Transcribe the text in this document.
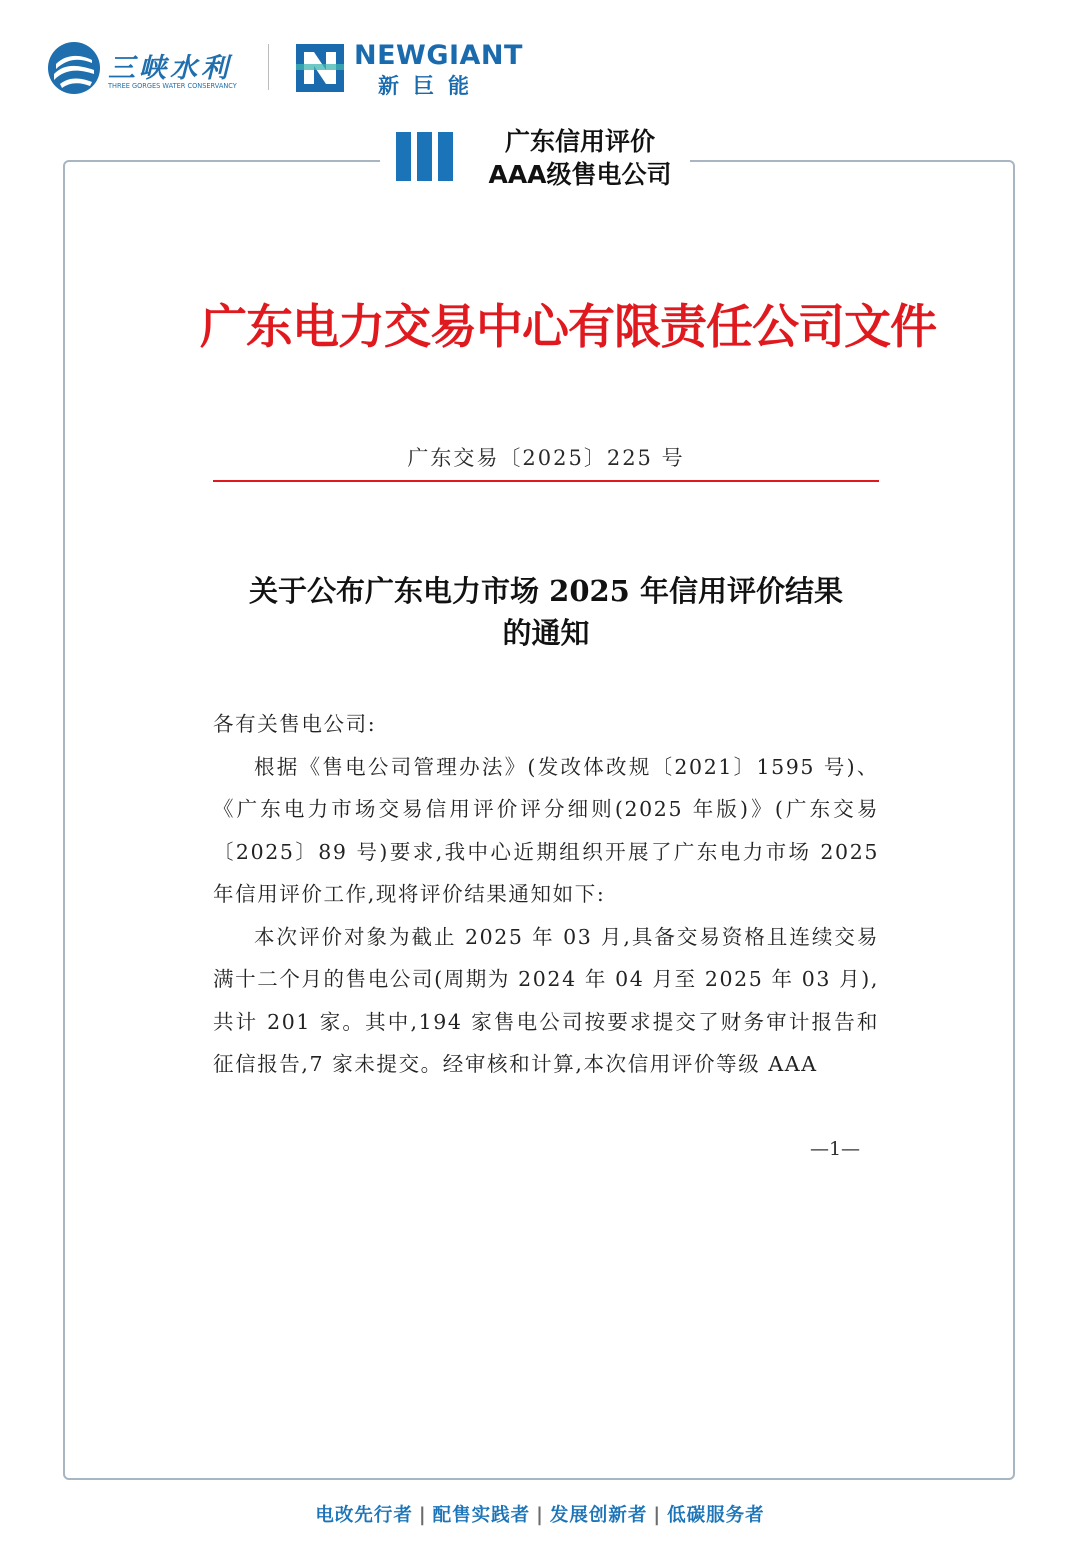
三峡水利
THREE GORGES WATER CONSERVANCY
NEWGIANT
新巨能
广东信用评价
AAA级售电公司
广东电力交易中心有限责任公司文件
广东交易〔2025〕225 号
关于公布广东电力市场 2025 年信用评价结果
的通知

各有关售电公司:

根据《售电公司管理办法》(发改体改规〔2021〕1595 号)、《广东电力市场交易信用评价评分细则(2025 年版)》(广东交易〔2025〕89 号)要求,我中心近期组织开展了广东电力市场 2025 年信用评价工作,现将评价结果通知如下:

本次评价对象为截止 2025 年 03 月,具备交易资格且连续交易满十二个月的售电公司(周期为 2024 年 04 月至 2025 年 03 月),共计 201 家。其中,194 家售电公司按要求提交了财务审计报告和征信报告,7 家未提交。经审核和计算,本次信用评价等级 AAA

—1—
电改先行者 | 配售实践者 | 发展创新者 | 低碳服务者
